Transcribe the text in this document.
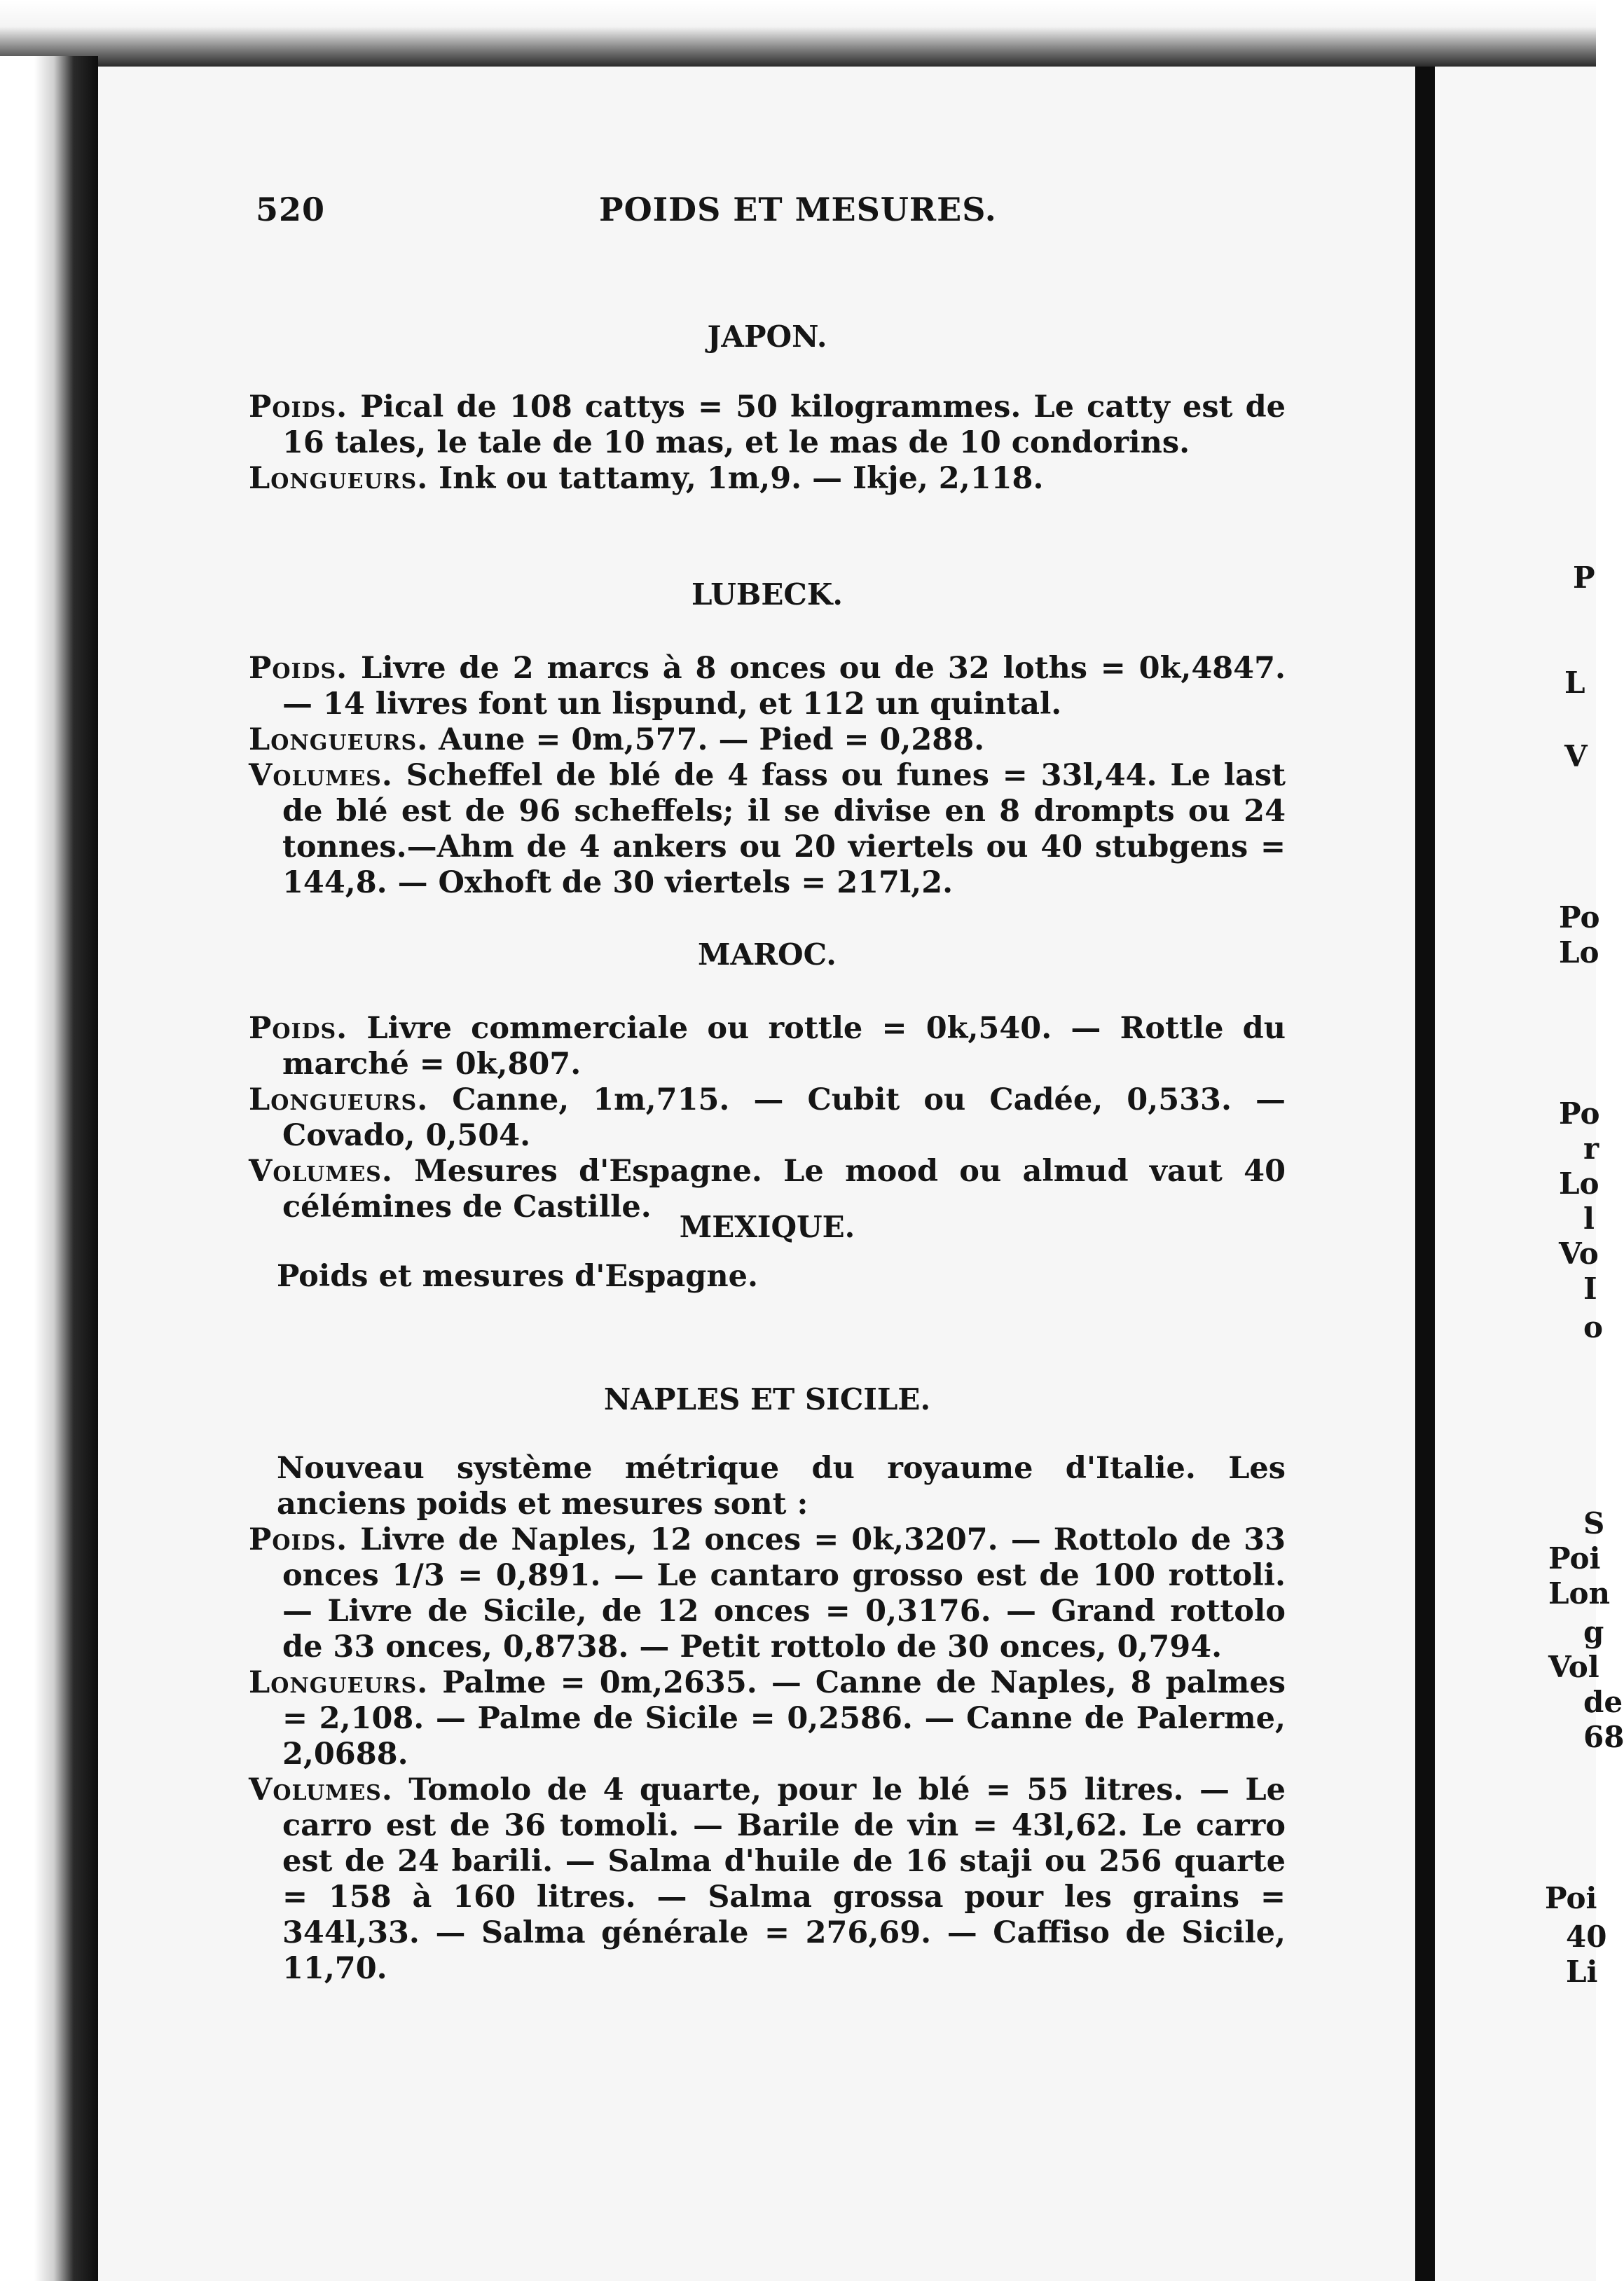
520	POIDS ET MESURES.

JAPON.

Poids. Pical de 108 cattys = 50 kilogrammes. Le catty est de 16 tales, le tale de 10 mas, et le mas de 10 condorins.

Longueurs. Ink ou tattamy, 1m,9. — Ikje, 2,118.

LUBECK.

Poids. Livre de 2 marcs à 8 onces ou de 32 loths = 0k,4847. — 14 livres font un lispund, et 112 un quintal.

Longueurs. Aune = 0m,577. — Pied = 0,288.

Volumes. Scheffel de blé de 4 fass ou funes = 33l,44. Le last de blé est de 96 scheffels; il se divise en 8 drompts ou 24 tonnes.—Ahm de 4 ankers ou 20 viertels ou 40 stubgens = 144,8. — Oxhoft de 30 viertels = 217l,2.

MAROC.

Poids. Livre commerciale ou rottle = 0k,540. — Rottle du marché = 0k,807.

Longueurs. Canne, 1m,715. — Cubit ou Cadée, 0,533. — Covado, 0,504.

Volumes. Mesures d'Espagne. Le mood ou almud vaut 40 célémines de Castille.

MEXIQUE.

Poids et mesures d'Espagne.

NAPLES ET SICILE.

Nouveau système métrique du royaume d'Italie. Les anciens poids et mesures sont :

Poids. Livre de Naples, 12 onces = 0k,3207. — Rottolo de 33 onces 1/3 = 0,891. — Le cantaro grosso est de 100 rottoli. — Livre de Sicile, de 12 onces = 0,3176. — Grand rottolo de 33 onces, 0,8738. — Petit rottolo de 30 onces, 0,794.

Longueurs. Palme = 0m,2635. — Canne de Naples, 8 palmes = 2,108. — Palme de Sicile = 0,2586. — Canne de Palerme, 2,0688.

Volumes. Tomolo de 4 quarte, pour le blé = 55 litres. — Le carro est de 36 tomoli. — Barile de vin = 43l,62. Le carro est de 24 barili. — Salma d'huile de 16 staji ou 256 quarte = 158 à 160 litres. — Salma grossa pour les grains = 344l,33. — Salma générale = 276,69. — Caffiso de Sicile, 11,70.

P
L
V
Po
Lo
Po
r
Lo
l
Vo
I
o
S
Poi
Lon
g
Vol
de
68
Poi
40
Li
